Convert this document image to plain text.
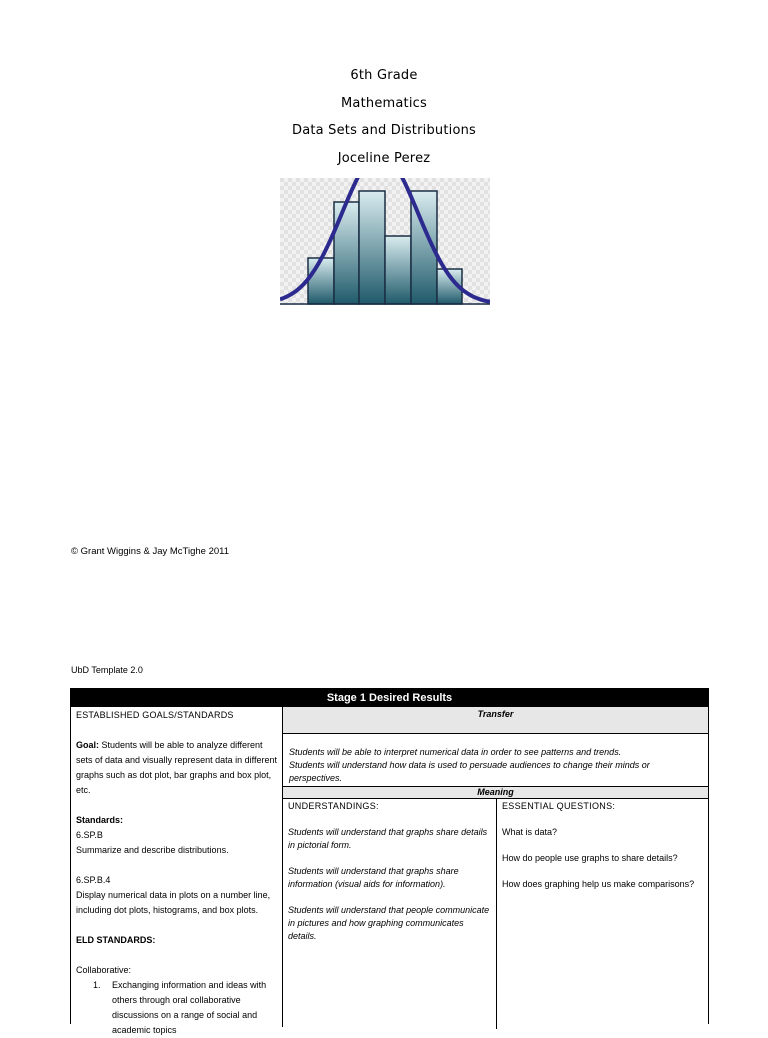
6th Grade
Mathematics
Data Sets and Distributions
Joceline Perez
© Grant Wiggins & Jay McTighe 2011
UbD Template 2.0
Stage 1 Desired Results
ESTABLISHED GOALS/STANDARDS

Goal: Students will be able to analyze different sets of data and visually represent data in different graphs such as dot plot, bar graphs and box plot, etc.

Standards:

6.SP.B

Summarize and describe distributions.

6.SP.B.4

Display numerical data in plots on a number line, including dot plots, histograms, and box plots.

ELD STANDARDS:

Collaborative:

1.	Exchanging information and ideas with others through oral collaborative discussions on a range of social and academic topics
Transfer

Students will be able to interpret numerical data in order to see patterns and trends.

Students will understand how data is used to persuade audiences to change their minds or perspectives.

Meaning
UNDERSTANDINGS:

Students will understand that graphs share details in pictorial form.

Students will understand that graphs share information (visual aids for information).

Students will understand that people communicate in pictures and how graphing communicates details.

ESSENTIAL QUESTIONS:

What is data?

How do people use graphs to share details?

How does graphing help us make comparisons?
